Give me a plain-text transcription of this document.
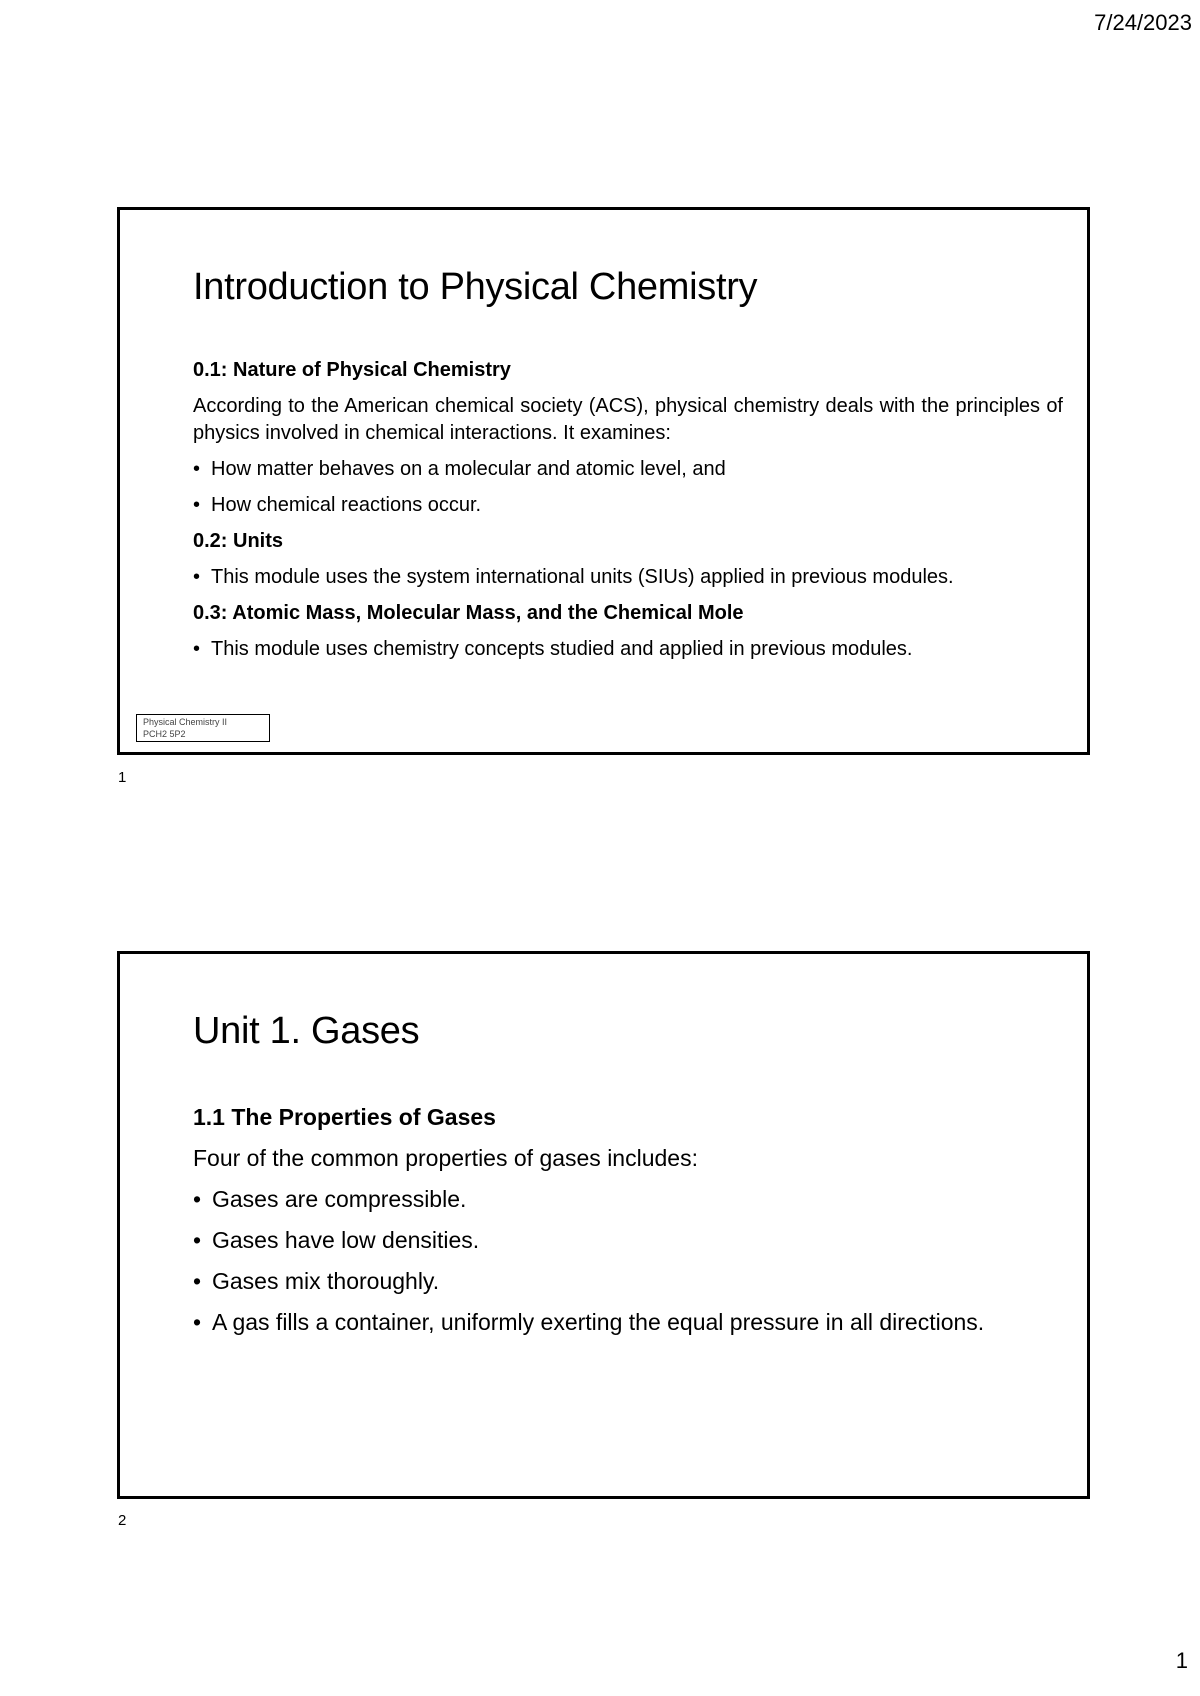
7/24/2023
Introduction to Physical Chemistry

0.1: Nature of Physical Chemistry

According to the American chemical society (ACS), physical chemistry deals with the principles of physics involved in chemical interactions. It examines:

• How matter behaves on a molecular and atomic level, and
• How chemical reactions occur.

0.2: Units

• This module uses the system international units (SIUs) applied in previous modules.

0.3: Atomic Mass, Molecular Mass, and the Chemical Mole

• This module uses chemistry concepts studied and applied in previous modules.
Physical Chemistry II
PCH2 5P2
1
Unit 1. Gases

1.1 The Properties of Gases

Four of the common properties of gases includes:

• Gases are compressible.
• Gases have low densities.
• Gases mix thoroughly.
• A gas fills a container, uniformly exerting the equal pressure in all directions.
2
1
